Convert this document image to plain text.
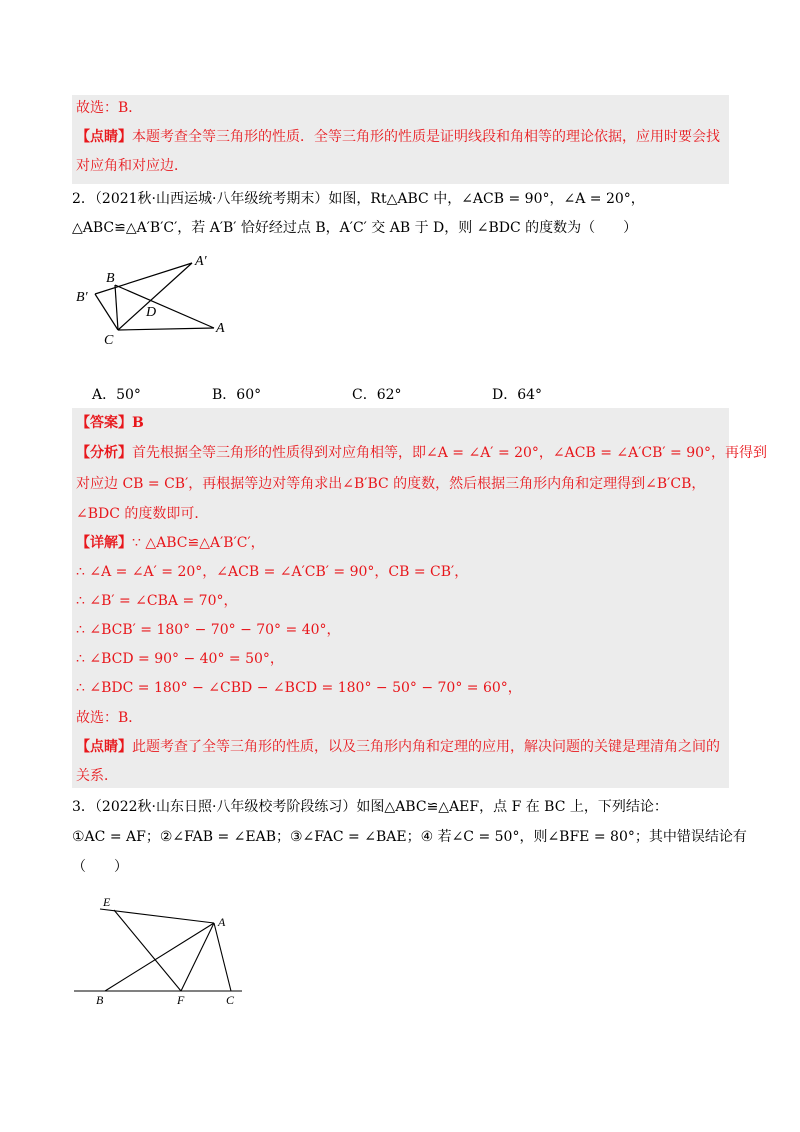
故选：B．
【点睛】本题考查全等三角形的性质．全等三角形的性质是证明线段和角相等的理论依据，应用时要会找
对应角和对应边．
2．（2021秋·山西运城·八年级统考期末）如图，Rt△ABC 中，∠ACB = 90°，∠A = 20°，
△ABC≌△A′B′C′，若 A′B′ 恰好经过点 B，A′C′ 交 AB 于 D，则 ∠BDC 的度数为（　　）
A′
B
B′
D
C
A
A．50°	B．60°	C．62°	D．64°
【答案】B
【分析】首先根据全等三角形的性质得到对应角相等，即∠A = ∠A′ = 20°，∠ACB = ∠A′CB′ = 90°，再得到
对应边 CB = CB′，再根据等边对等角求出∠B′BC 的度数，然后根据三角形内角和定理得到∠B′CB，
∠BDC 的度数即可．
【详解】∵ △ABC≌△A′B′C′，
∴ ∠A = ∠A′ = 20°，∠ACB = ∠A′CB′ = 90°，CB = CB′，
∴ ∠B′ = ∠CBA = 70°，
∴ ∠BCB′ = 180° − 70° − 70° = 40°，
∴ ∠BCD = 90° − 40° = 50°，
∴ ∠BDC = 180° − ∠CBD − ∠BCD = 180° − 50° − 70° = 60°，
故选：B．
【点睛】此题考查了全等三角形的性质，以及三角形内角和定理的应用，解决问题的关键是理清角之间的
关系．
3．（2022秋·山东日照·八年级校考阶段练习）如图△ABC≌△AEF，点 F 在 BC 上，下列结论：
①AC = AF；②∠FAB = ∠EAB；③∠FAC = ∠BAE；④ 若∠C = 50°，则∠BFE = 80°；其中错误结论有
（　　）
E
A
B	F	C
